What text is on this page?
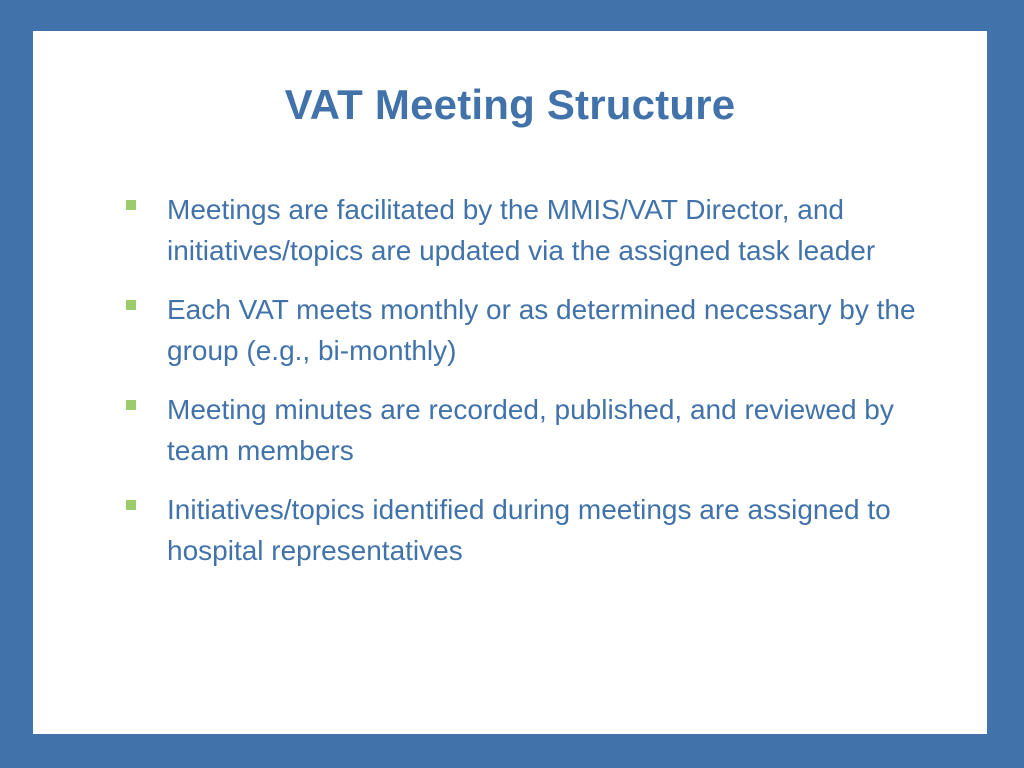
VAT Meeting Structure
Meetings are facilitated by the MMIS/VAT Director, and initiatives/topics are updated via the assigned task leader
Each VAT meets monthly or as determined necessary by the group (e.g., bi-monthly)
Meeting minutes are recorded, published, and reviewed by team members
Initiatives/topics identified during meetings are assigned to hospital representatives
